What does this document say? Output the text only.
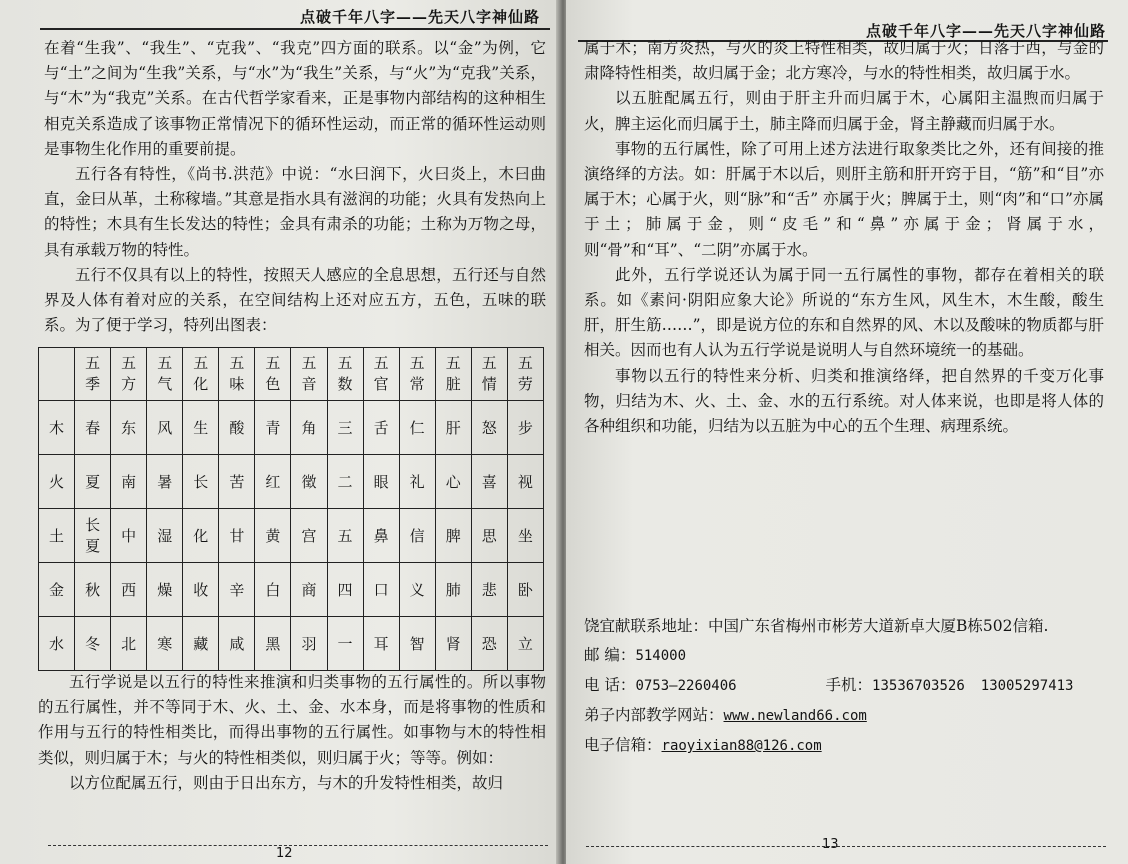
点破千年八字——先天八字神仙路

在着“生我”、“我生”、“克我”、“我克”四方面的联系。以“金”为例，它与“土”之间为“生我”关系，与“水”为“我生”关系，与“火”为“克我”关系，与“木”为“我克”关系。在古代哲学家看来，正是事物内部结构的这种相生相克关系造成了该事物正常情况下的循环性运动，而正常的循环性运动则是事物生化作用的重要前提。

五行各有特性，《尚书.洪范》中说：“水曰润下，火曰炎上，木曰曲直，金曰从革，土称稼墙。”其意是指水具有滋润的功能；火具有发热向上的特性；木具有生长发达的特性；金具有肃杀的功能；土称为万物之母，具有承载万物的特性。

五行不仅具有以上的特性，按照天人感应的全息思想，五行还与自然界及人体有着对应的关系，在空间结构上还对应五方，五色，五味的联系。为了便于学习，特列出图表：

	五季	五方	五气	五化	五味	五色	五音	五数	五官	五常	五脏	五情	五劳
木	春	东	风	生	酸	青	角	三	舌	仁	肝	怒	步
火	夏	南	暑	长	苦	红	徵	二	眼	礼	心	喜	视
土	长夏	中	湿	化	甘	黄	宫	五	鼻	信	脾	思	坐
金	秋	西	燥	收	辛	白	商	四	口	义	肺	悲	卧
水	冬	北	寒	藏	咸	黑	羽	一	耳	智	肾	恐	立

五行学说是以五行的特性来推演和归类事物的五行属性的。所以事物的五行属性，并不等同于木、火、土、金、水本身，而是将事物的性质和作用与五行的特性相类比，而得出事物的五行属性。如事物与木的特性相类似，则归属于木；与火的特性相类似，则归属于火；等等。例如：

以方位配属五行，则由于日出东方，与木的升发特性相类，故归

12
点破千年八字——先天八字神仙路

属于木；南方炎热，与火的炎上特性相类，故归属于火；日落于西，与金的肃降特性相类，故归属于金；北方寒冷，与水的特性相类，故归属于水。

以五脏配属五行，则由于肝主升而归属于木，心属阳主温煦而归属于火，脾主运化而归属于土，肺主降而归属于金，肾主静藏而归属于水。

事物的五行属性，除了可用上述方法进行取象类比之外，还有间接的推演络绎的方法。如：肝属于木以后，则肝主筋和肝开窍于目，“筋”和“目”亦属于木；心属于火，则“脉”和“舌” 亦属于火；脾属于土，则“肉”和“口”亦属于土；肺属于金，则“皮毛”和“鼻”亦属于金；肾属于水，则“骨”和“耳”、“二阴”亦属于水。

此外，五行学说还认为属于同一五行属性的事物，都存在着相关的联系。如《素问·阴阳应象大论》所说的“东方生风，风生木，木生酸，酸生肝，肝生筋……”，即是说方位的东和自然界的风、木以及酸味的物质都与肝相关。因而也有人认为五行学说是说明人与自然环境统一的基础。

事物以五行的特性来分析、归类和推演络绎，把自然界的千变万化事物，归结为木、火、土、金、水的五行系统。对人体来说，也即是将人体的各种组织和功能，归结为以五脏为中心的五个生理、病理系统。

饶宜献联系地址：中国广东省梅州市彬芳大道新卓大厦B栋502信箱.
邮 编：514000
电 话：0753—2260406	手机：13536703526 13005297413
弟子内部教学网站：www.newland66.com
电子信箱：raoyixian88@126.com
13
